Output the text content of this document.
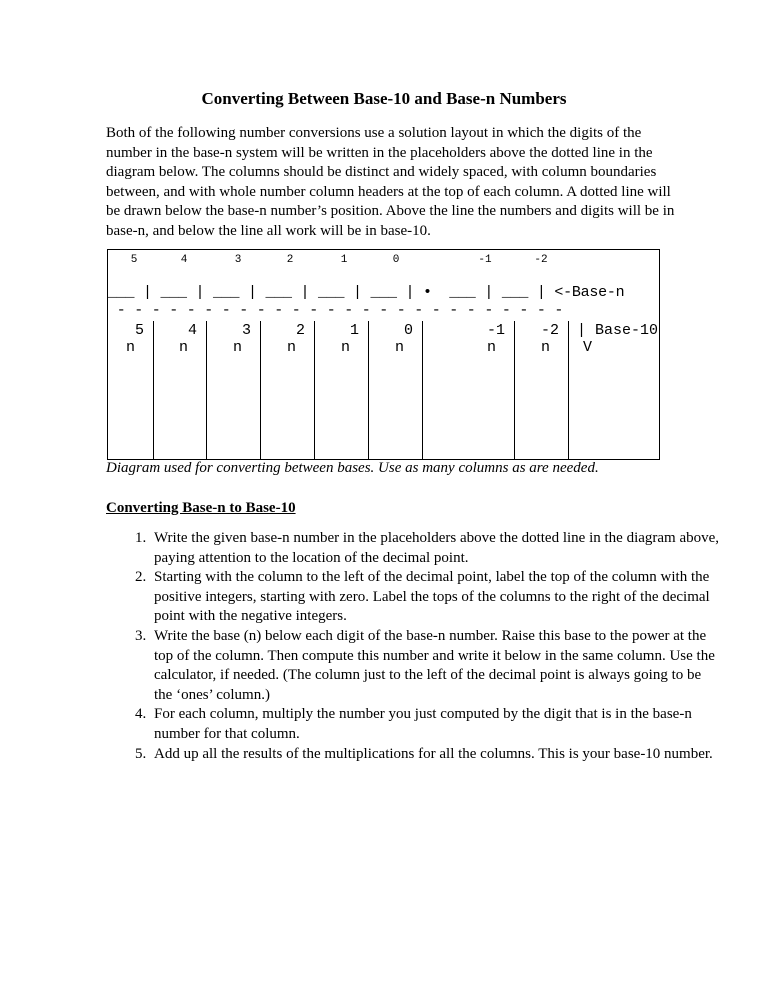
Converting Between Base-10 and Base-n Numbers

Both of the following number conversions use a solution layout in which the digits of the number in the base-n system will be written in the placeholders above the dotted line in the diagram below. The columns should be distinct and widely spaced, with column boundaries between, and with whole number column headers at the top of each column. A dotted line will be drawn below the base-n number’s position. Above the line the numbers and digits will be in base-n, and below the line all work will be in base-10.

5	4	3	2	1	0	-1	-2
___ | ___ | ___ | ___ | ___ | ___ | •  ___ | ___ | <-Base-n
- - - - - - - - - - - - - - - - - - - - - - - - - -
5	4	3	2	1	0	-1	-2
n	n	n	n	n	n	n	n
| Base-10
V
Diagram used for converting between bases. Use as many columns as are needed.
Converting Base-n to Base-10
1. Write the given base-n number in the placeholders above the dotted line in the diagram above, paying attention to the location of the decimal point.
2. Starting with the column to the left of the decimal point, label the top of the column with the positive integers, starting with zero. Label the tops of the columns to the right of the decimal point with the negative integers.
3. Write the base (n) below each digit of the base-n number. Raise this base to the power at the top of the column. Then compute this number and write it below in the same column. Use the calculator, if needed. (The column just to the left of the decimal point is always going to be the ‘ones’ column.)
4. For each column, multiply the number you just computed by the digit that is in the base-n number for that column.
5. Add up all the results of the multiplications for all the columns. This is your base-10 number.
